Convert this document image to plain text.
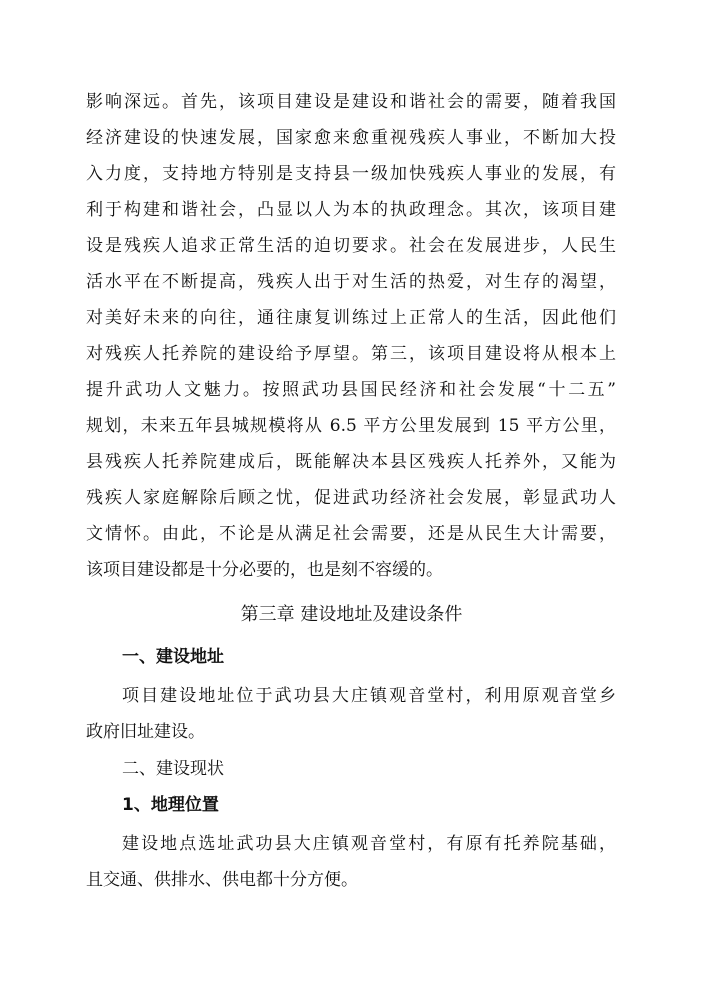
影响深远。首先，该项目建设是建设和谐社会的需要，随着我国
经济建设的快速发展，国家愈来愈重视残疾人事业，不断加大投
入力度，支持地方特别是支持县一级加快残疾人事业的发展，有
利于构建和谐社会，凸显以人为本的执政理念。其次，该项目建
设是残疾人追求正常生活的迫切要求。社会在发展进步，人民生
活水平在不断提高，残疾人出于对生活的热爱，对生存的渴望，
对美好未来的向往，通往康复训练过上正常人的生活，因此他们
对残疾人托养院的建设给予厚望。第三，该项目建设将从根本上
提升武功人文魅力。按照武功县国民经济和社会发展“十二五”
规划，未来五年县城规模将从 6.5 平方公里发展到 15 平方公里，
县残疾人托养院建成后，既能解决本县区残疾人托养外，又能为
残疾人家庭解除后顾之忧，促进武功经济社会发展，彰显武功人
文情怀。由此，不论是从满足社会需要，还是从民生大计需要，
该项目建设都是十分必要的，也是刻不容缓的。
第三章 建设地址及建设条件
一、建设地址
项目建设地址位于武功县大庄镇观音堂村，利用原观音堂乡
政府旧址建设。
二、建设现状
1、地理位置
建设地点选址武功县大庄镇观音堂村，有原有托养院基础，
且交通、供排水、供电都十分方便。
